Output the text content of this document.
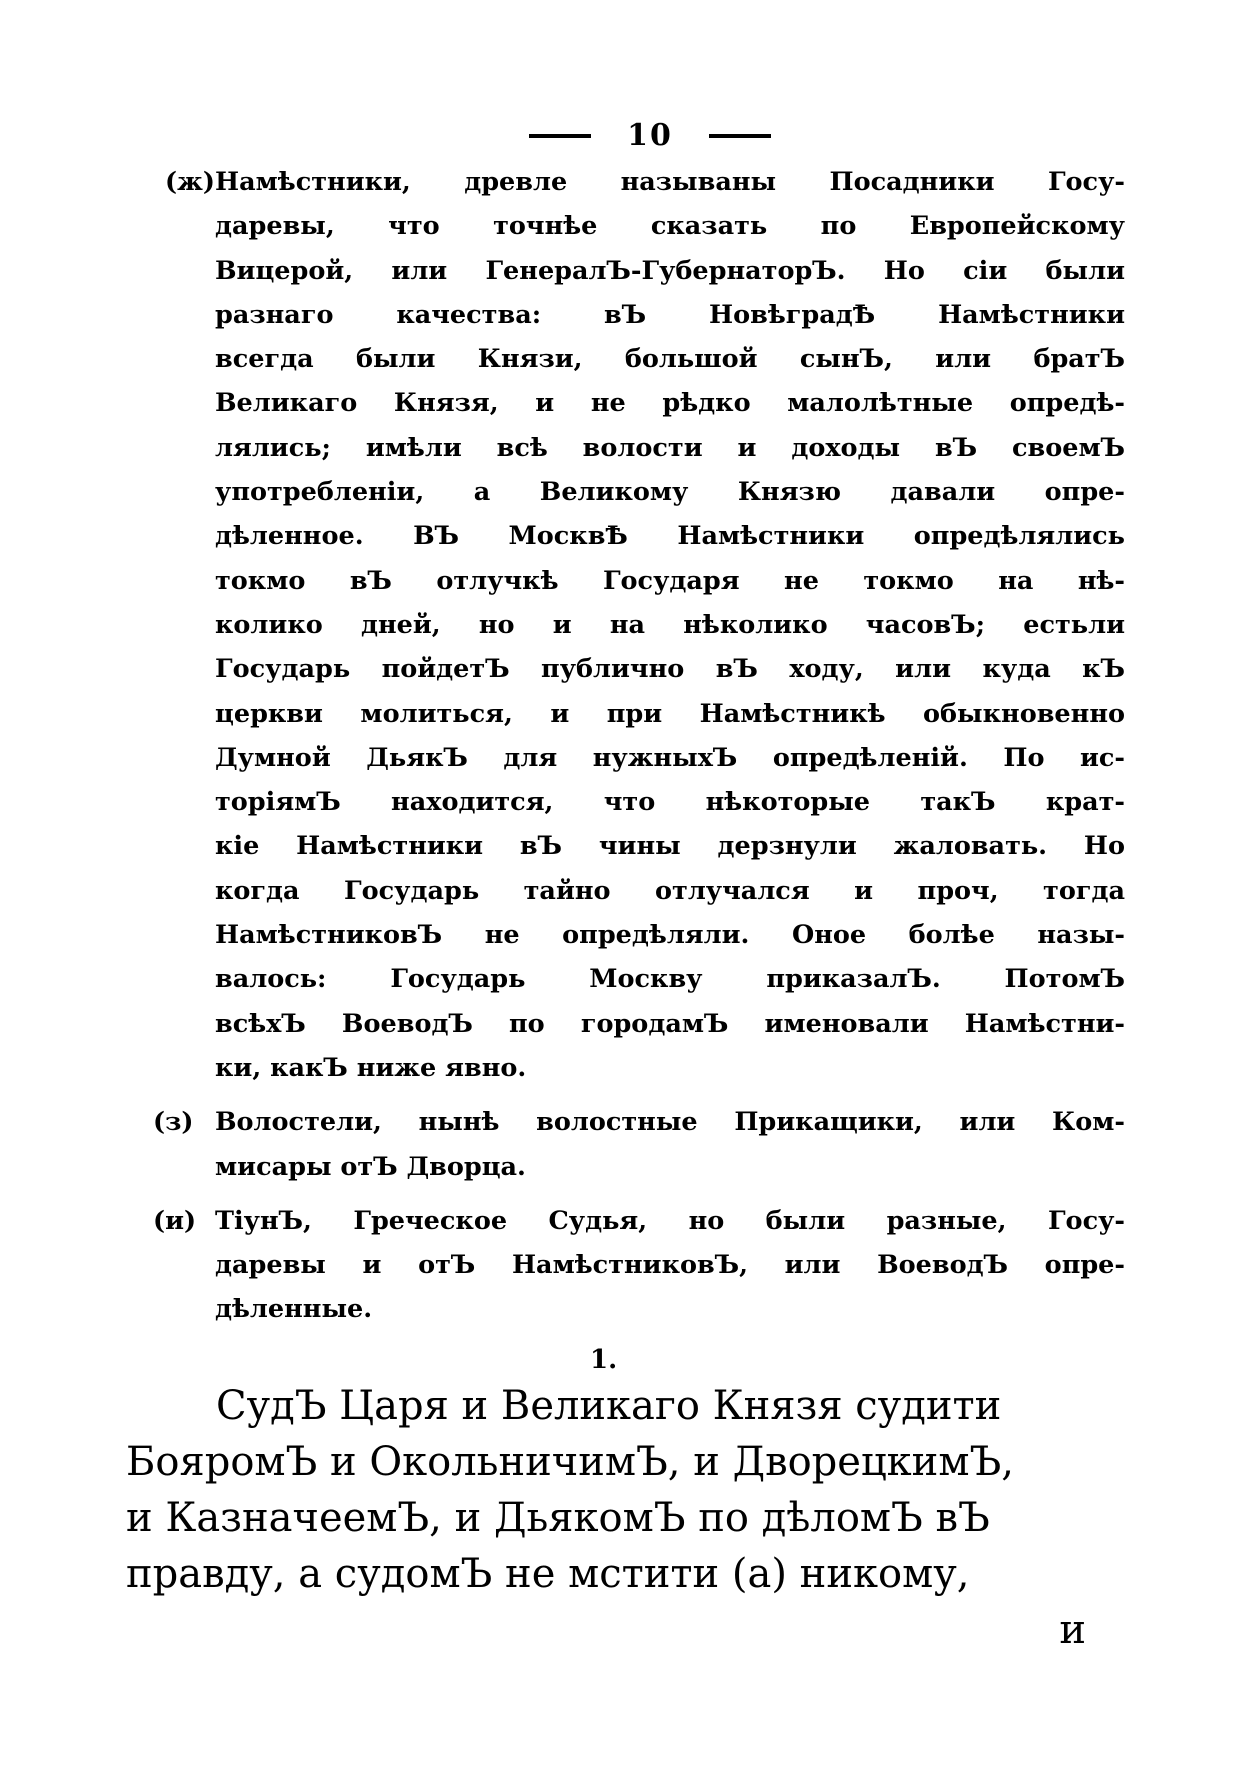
10
(ж) Намѣстники, древле называны Посадники Госу-
даревы, что точнѣе сказать по Европейскому
Вицерой, или ГенералЪ-ГубернаторЪ. Но сіи были
разнаго качества: вЪ НовѣградѢ Намѣстники
всегда были Князи, большой сынЪ, или братЪ
Великаго Князя, и не рѣдко малолѣтные опредѣ-
лялись; имѣли всѣ волости и доходы вЪ своемЪ
употребленіи, а Великому Князю давали опре-
дѣленное. ВЪ МосквѢ Намѣстники опредѣлялись
токмо вЪ отлучкѣ Государя не токмо на нѣ-
колико дней, но и на нѣколико часовЪ; естьли
Государь пойдетЪ публично вЪ ходу, или куда кЪ
церкви молиться, и при Намѣстникѣ обыкновенно
Думной ДьякЪ для нужныхЪ опредѣленій. По ис-
торіямЪ находится, что нѣкоторые такЪ крат-
кіе Намѣстники вЪ чины дерзнули жаловать. Но
когда Государь тайно отлучался и проч, тогда
НамѣстниковЪ не опредѣляли. Оное болѣе назы-
валось: Государь Москву приказалЪ. ПотомЪ
всѣхЪ ВоеводЪ по городамЪ именовали Намѣстни-
ки, какЪ ниже явно.
(з) Волостели, нынѣ волостные Прикащики, или Ком-
мисары отЪ Дворца.
(и) ТіунЪ, Греческое Судья, но были разные, Госу-
даревы и отЪ НамѣстниковЪ, или ВоеводЪ опре-
дѣленные.
1.
СудЪ Царя и Великаго Князя судити
БояромЪ и ОкольничимЪ, и ДворецкимЪ,
и КазначеемЪ, и ДьякомЪ по дѣломЪ вЪ
правду, а судомЪ не мстити (а) никому,
и
